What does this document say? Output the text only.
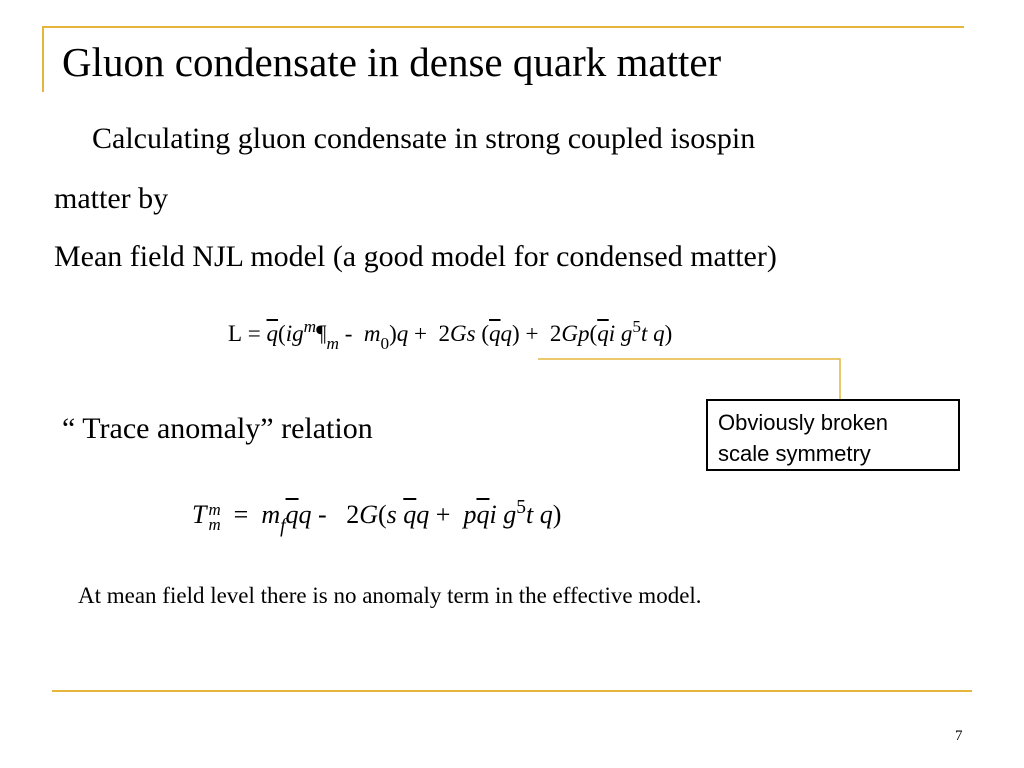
Gluon condensate in dense quark matter
Calculating gluon condensate in strong coupled isospin
matter by
Mean field NJL model (a good model for condensed matter)
$L = \overline{q}(ig^m\P_m - m_0)q + 2Gs$ $(\overline{q}q) + 2Gp(\overline{q}i$ $g^5t$ q)
Obviously broken
scale symmetry
“ Trace anomaly” relation
T m
$m = m_f\overline{q}q - 2G(s$ $\overline{q}q + p\overline{q}i$ $g^5t$ q)
At mean field level there is no anomaly term in the effective model.
7
